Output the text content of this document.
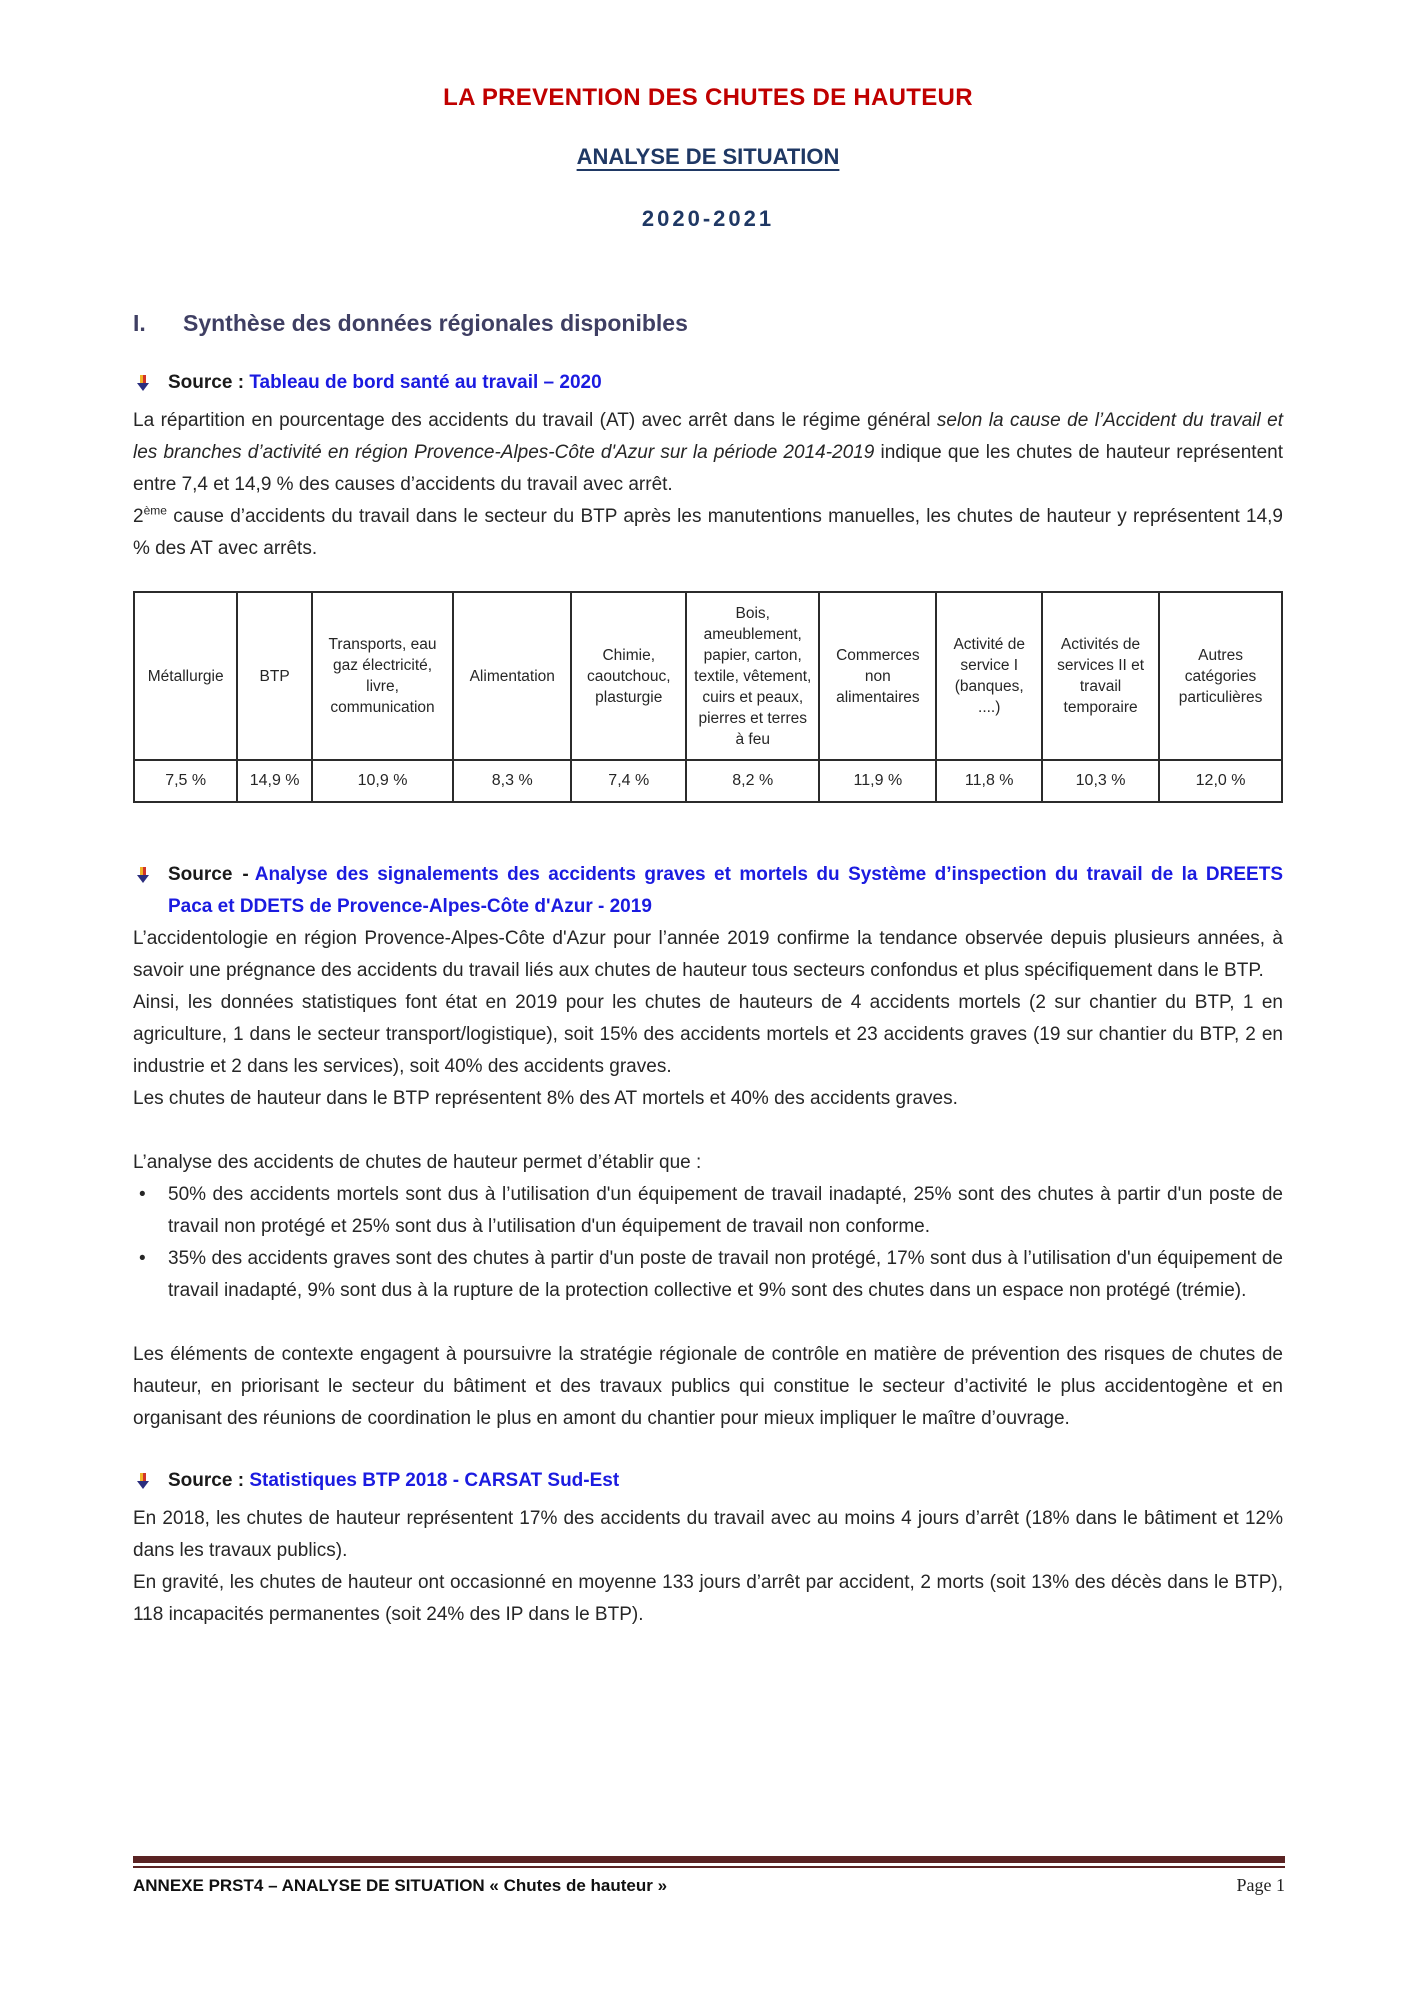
LA PREVENTION DES CHUTES DE HAUTEUR
ANALYSE DE SITUATION
2020-2021
I.	Synthèse des données régionales disponibles
Source : Tableau de bord santé au travail – 2020

La répartition en pourcentage des accidents du travail (AT) avec arrêt dans le régime général selon la cause de l’Accident du travail et les branches d’activité en région Provence-Alpes-Côte d'Azur sur la période 2014-2019 indique que les chutes de hauteur représentent entre 7,4 et 14,9 % des causes d’accidents du travail avec arrêt.

2ème cause d’accidents du travail dans le secteur du BTP après les manutentions manuelles, les chutes de hauteur y représentent 14,9 % des AT avec arrêts.

Métallurgie	BTP	Transports, eau gaz électricité, livre, communication	Alimentation	Chimie, caoutchouc, plasturgie	Bois, ameublement, papier, carton, textile, vêtement, cuirs et peaux, pierres et terres à feu	Commerces non alimentaires	Activité de service I (banques, ....)	Activités de services II et travail temporaire	Autres catégories particulières
7,5 %	14,9 %	10,9 %	8,3 %	7,4 %	8,2 %	11,9 %	11,8 %	10,3 %	12,0 %
Source - Analyse des signalements des accidents graves et mortels du Système d’inspection du travail de la DREETS Paca et DDETS de Provence-Alpes-Côte d'Azur - 2019

L’accidentologie en région Provence-Alpes-Côte d'Azur pour l’année 2019 confirme la tendance observée depuis plusieurs années, à savoir une prégnance des accidents du travail liés aux chutes de hauteur tous secteurs confondus et plus spécifiquement dans le BTP.

Ainsi, les données statistiques font état en 2019 pour les chutes de hauteurs de 4 accidents mortels (2 sur chantier du BTP, 1 en agriculture, 1 dans le secteur transport/logistique), soit 15% des accidents mortels et 23 accidents graves (19 sur chantier du BTP, 2 en industrie et 2 dans les services), soit 40% des accidents graves.

Les chutes de hauteur dans le BTP représentent 8% des AT mortels et 40% des accidents graves.

L’analyse des accidents de chutes de hauteur permet d’établir que :

• 50% des accidents mortels sont dus à l’utilisation d'un équipement de travail inadapté, 25% sont des chutes à partir d'un poste de travail non protégé et 25% sont dus à l’utilisation d'un équipement de travail non conforme.
• 35% des accidents graves sont des chutes à partir d'un poste de travail non protégé, 17% sont dus à l’utilisation d'un équipement de travail inadapté, 9% sont dus à la rupture de la protection collective et 9% sont des chutes dans un espace non protégé (trémie).

Les éléments de contexte engagent à poursuivre la stratégie régionale de contrôle en matière de prévention des risques de chutes de hauteur, en priorisant le secteur du bâtiment et des travaux publics qui constitue le secteur d’activité le plus accidentogène et en organisant des réunions de coordination le plus en amont du chantier pour mieux impliquer le maître d’ouvrage.

Source : Statistiques BTP 2018 - CARSAT Sud-Est

En 2018, les chutes de hauteur représentent 17% des accidents du travail avec au moins 4 jours d’arrêt (18% dans le bâtiment et 12% dans les travaux publics).

En gravité, les chutes de hauteur ont occasionné en moyenne 133 jours d’arrêt par accident, 2 morts (soit 13% des décès dans le BTP), 118 incapacités permanentes (soit 24% des IP dans le BTP).

ANNEXE PRST4 – ANALYSE DE SITUATION « Chutes de hauteur »	Page 1
